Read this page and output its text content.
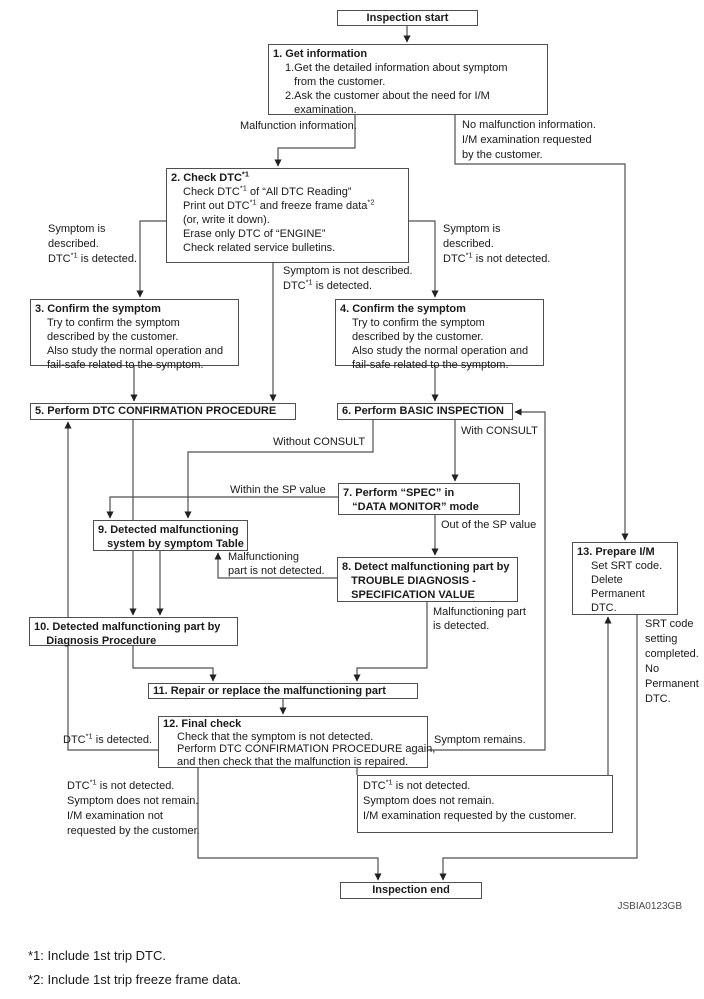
Inspection start
Inspection end
1. Get information
1.Get the detailed information about symptom
from the customer.
2.Ask the customer about the need for I/M
examination.
2. Check DTC$^{*1}$
Check DTC$^{*1}$ of “All DTC Reading”
Print out DTC$^{*1}$ and freeze frame data$^{*2}$
(or, write it down).
Erase only DTC of “ENGINE”
Check related service bulletins.
3. Confirm the symptom
Try to confirm the symptom
described by the customer.
Also study the normal operation and
fail-safe related to the symptom.
4. Confirm the symptom
Try to confirm the symptom
described by the customer.
Also study the normal operation and
fail-safe related to the symptom.
5. Perform DTC CONFIRMATION PROCEDURE	6. Perform BASIC INSPECTION
7. Perform “SPEC” in
“DATA MONITOR” mode
9. Detected malfunctioning
system by symptom Table
8. Detect malfunctioning part by
TROUBLE DIAGNOSIS -
SPECIFICATION VALUE
13. Prepare I/M
Set SRT code.
Delete
Permanent
DTC.
10. Detected malfunctioning part by
Diagnosis Procedure
11. Repair or replace the malfunctioning part
12. Final check
Check that the symptom is not detected.
Perform DTC CONFIRMATION PROCEDURE again,
and then check that the malfunction is repaired.
DTC$^{*1}$ is not detected.
Symptom does not remain.
I/M examination requested by the customer.
Malfunction information.	No malfunction information.
I/M examination requested
by the customer.
Symptom is
described.
DTC$^{*1}$ is detected.
Symptom is
described.
DTC$^{*1}$ is not detected.
Symptom is not described.
DTC$^{*1}$ is detected.
Without CONSULT
With CONSULT
Within the SP value
Out of the SP value
Malfunctioning
part is not detected.
Malfunctioning part
is detected.
DTC$^{*1}$ is detected.	Symptom remains.
DTC$^{*1}$ is not detected.
Symptom does not remain.
I/M examination not
requested by the customer.
SRT code
setting
completed.
No
Permanent
DTC.
JSBIA0123GB
*1: Include 1st trip DTC.
*2: Include 1st trip freeze frame data.
